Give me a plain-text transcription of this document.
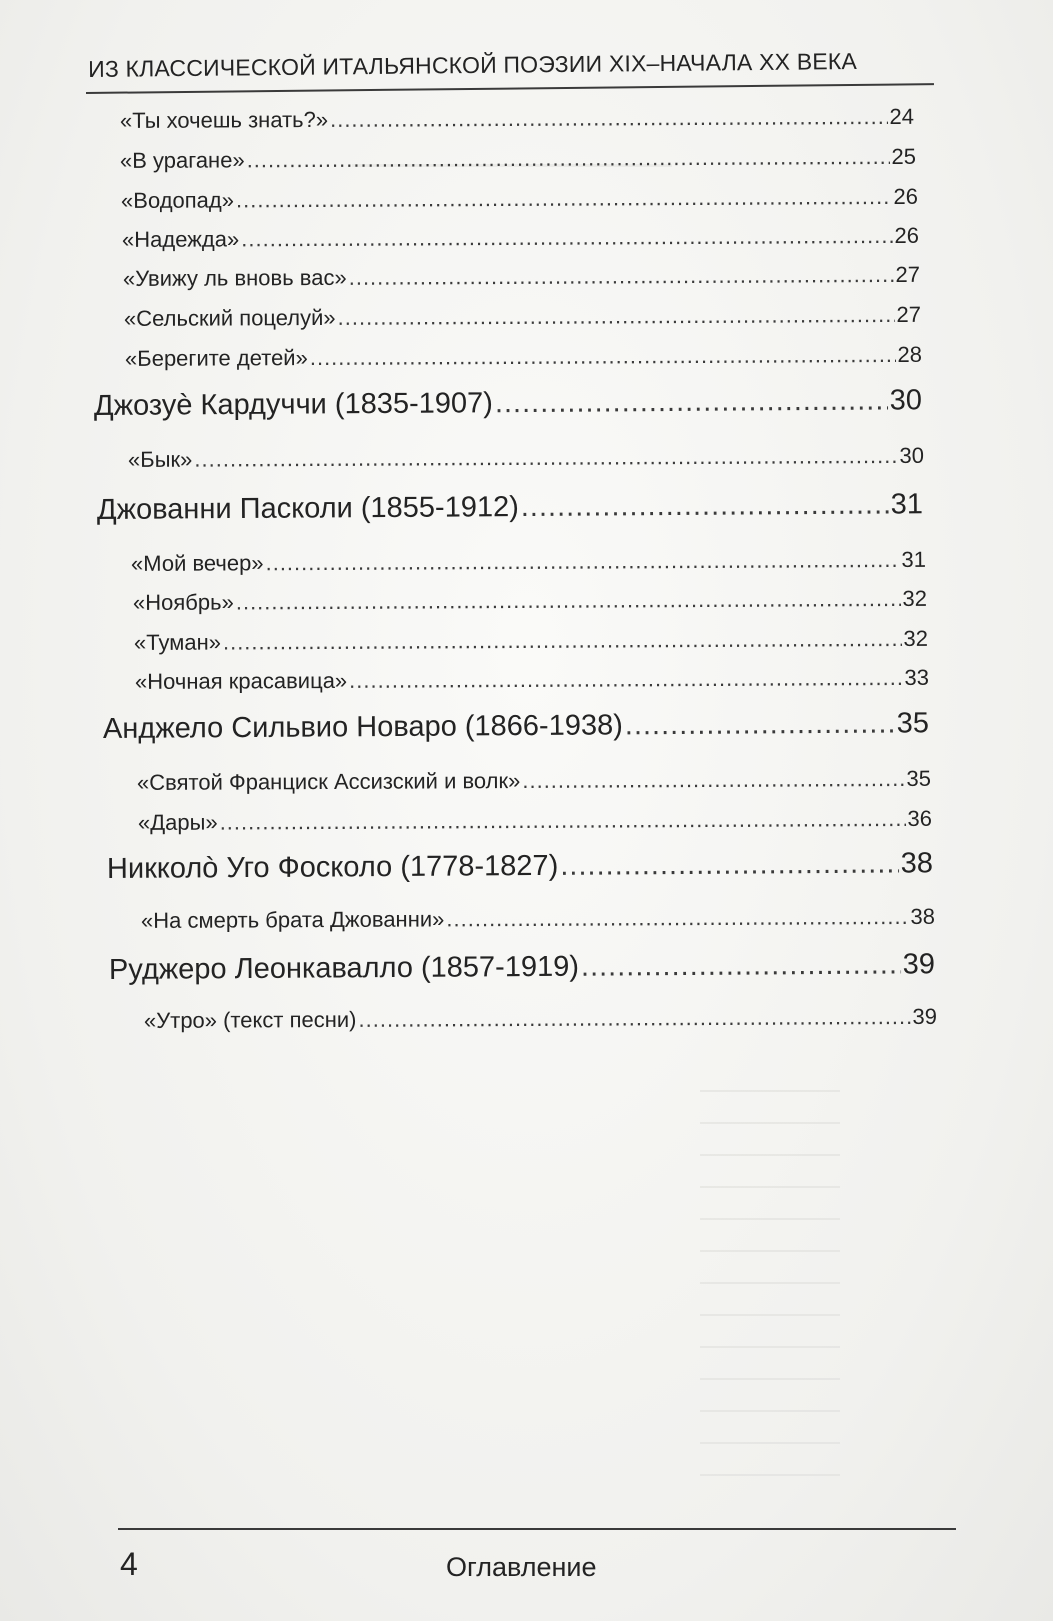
ИЗ КЛАССИЧЕСКОЙ ИТАЛЬЯНСКОЙ ПОЭЗИИ XIX–НАЧАЛА XX ВЕКА
«Ты хочешь знать?» .....	24
«В урагане» .....	25
«Водопад» .....	26
«Надежда» .....	26
«Увижу ль вновь вас» .....	27
«Сельский поцелуй» .....	27
«Берегите детей» .....	28
Джозуѐ Кардуччи (1835-1907) .....	30
«Бык» .....	30
Джованни Пасколи (1855-1912) .....	31
«Мой вечер» .....	31
«Ноябрь» .....	32
«Туман» .....	32
«Ночная красавица» .....	33
Анджело Сильвио Новаро (1866-1938) .....	35
«Святой Франциск Ассизский и волк» .....	35
«Дары» .....	36
Никколò Уго Фосколо (1778-1827) .....	38
«На смерть брата Джованни» .....	38
Руджеро Леонкавалло (1857-1919) .....	39
«Утро» (текст песни) .....	39
4	Оглавление
